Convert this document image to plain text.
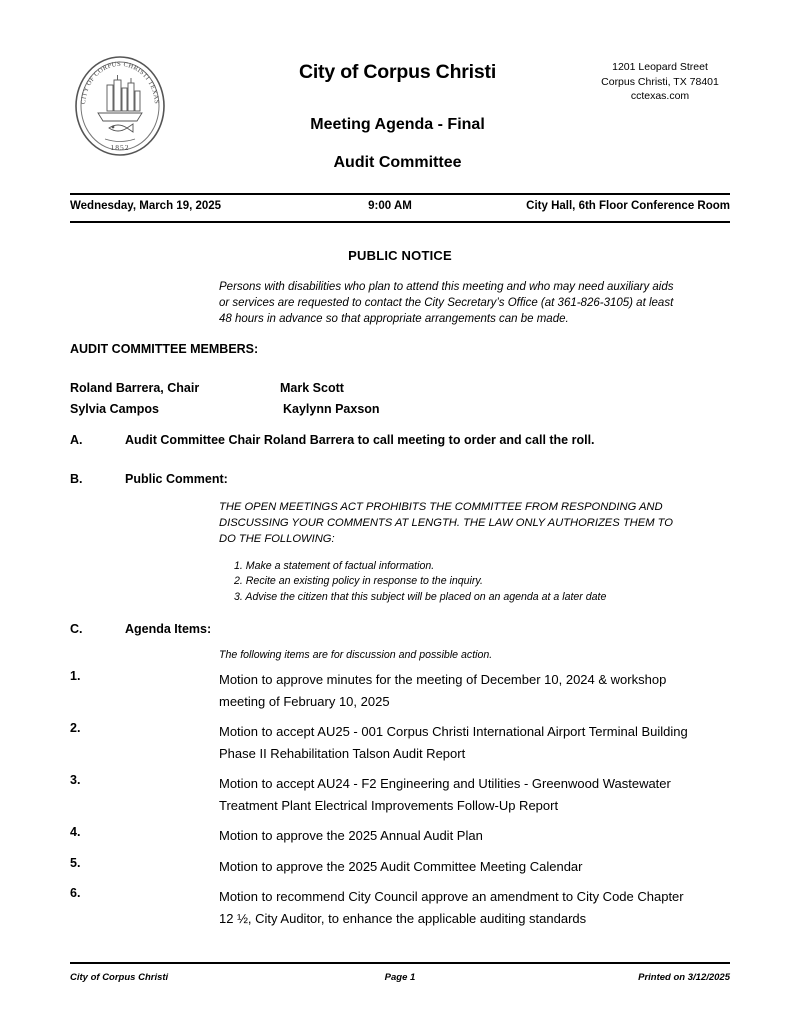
CITY OF CORPUS CHRISTI TEXAS
1852
City of Corpus Christi
Meeting Agenda - Final
Audit Committee
1201 Leopard Street
Corpus Christi, TX 78401
cctexas.com
Wednesday, March 19, 2025	9:00 AM	City Hall, 6th Floor Conference Room
PUBLIC NOTICE
Persons with disabilities who plan to attend this meeting and who may need auxiliary aids or services are requested to contact the City Secretary’s Office (at 361-826-3105) at least 48 hours in advance so that appropriate arrangements can be made.
AUDIT COMMITTEE MEMBERS:
Roland Barrera, Chair	Mark Scott
Sylvia Campos	Kaylynn Paxson
A.	Audit Committee Chair Roland Barrera to call meeting to order and call the roll.
B.	Public Comment:
THE OPEN MEETINGS ACT PROHIBITS THE COMMITTEE FROM RESPONDING AND DISCUSSING YOUR COMMENTS AT LENGTH. THE LAW ONLY AUTHORIZES THEM TO DO THE FOLLOWING:
1. Make a statement of factual information.
2. Recite an existing policy in response to the inquiry.
3. Advise the citizen that this subject will be placed on an agenda at a later date
C.	Agenda Items:
The following items are for discussion and possible action.
1.	Motion to approve minutes for the meeting of December 10, 2024 & workshop meeting of February 10, 2025
2.	Motion to accept AU25 - 001 Corpus Christi International Airport Terminal Building Phase II Rehabilitation Talson Audit Report
3.	Motion to accept AU24 - F2 Engineering and Utilities - Greenwood Wastewater Treatment Plant Electrical Improvements Follow-Up Report
4.	Motion to approve the 2025 Annual Audit Plan
5.	Motion to approve the 2025 Audit Committee Meeting Calendar
6.	Motion to recommend City Council approve an amendment to City Code Chapter 12 ½, City Auditor, to enhance the applicable auditing standards
City of Corpus Christi	Page 1	Printed on 3/12/2025
